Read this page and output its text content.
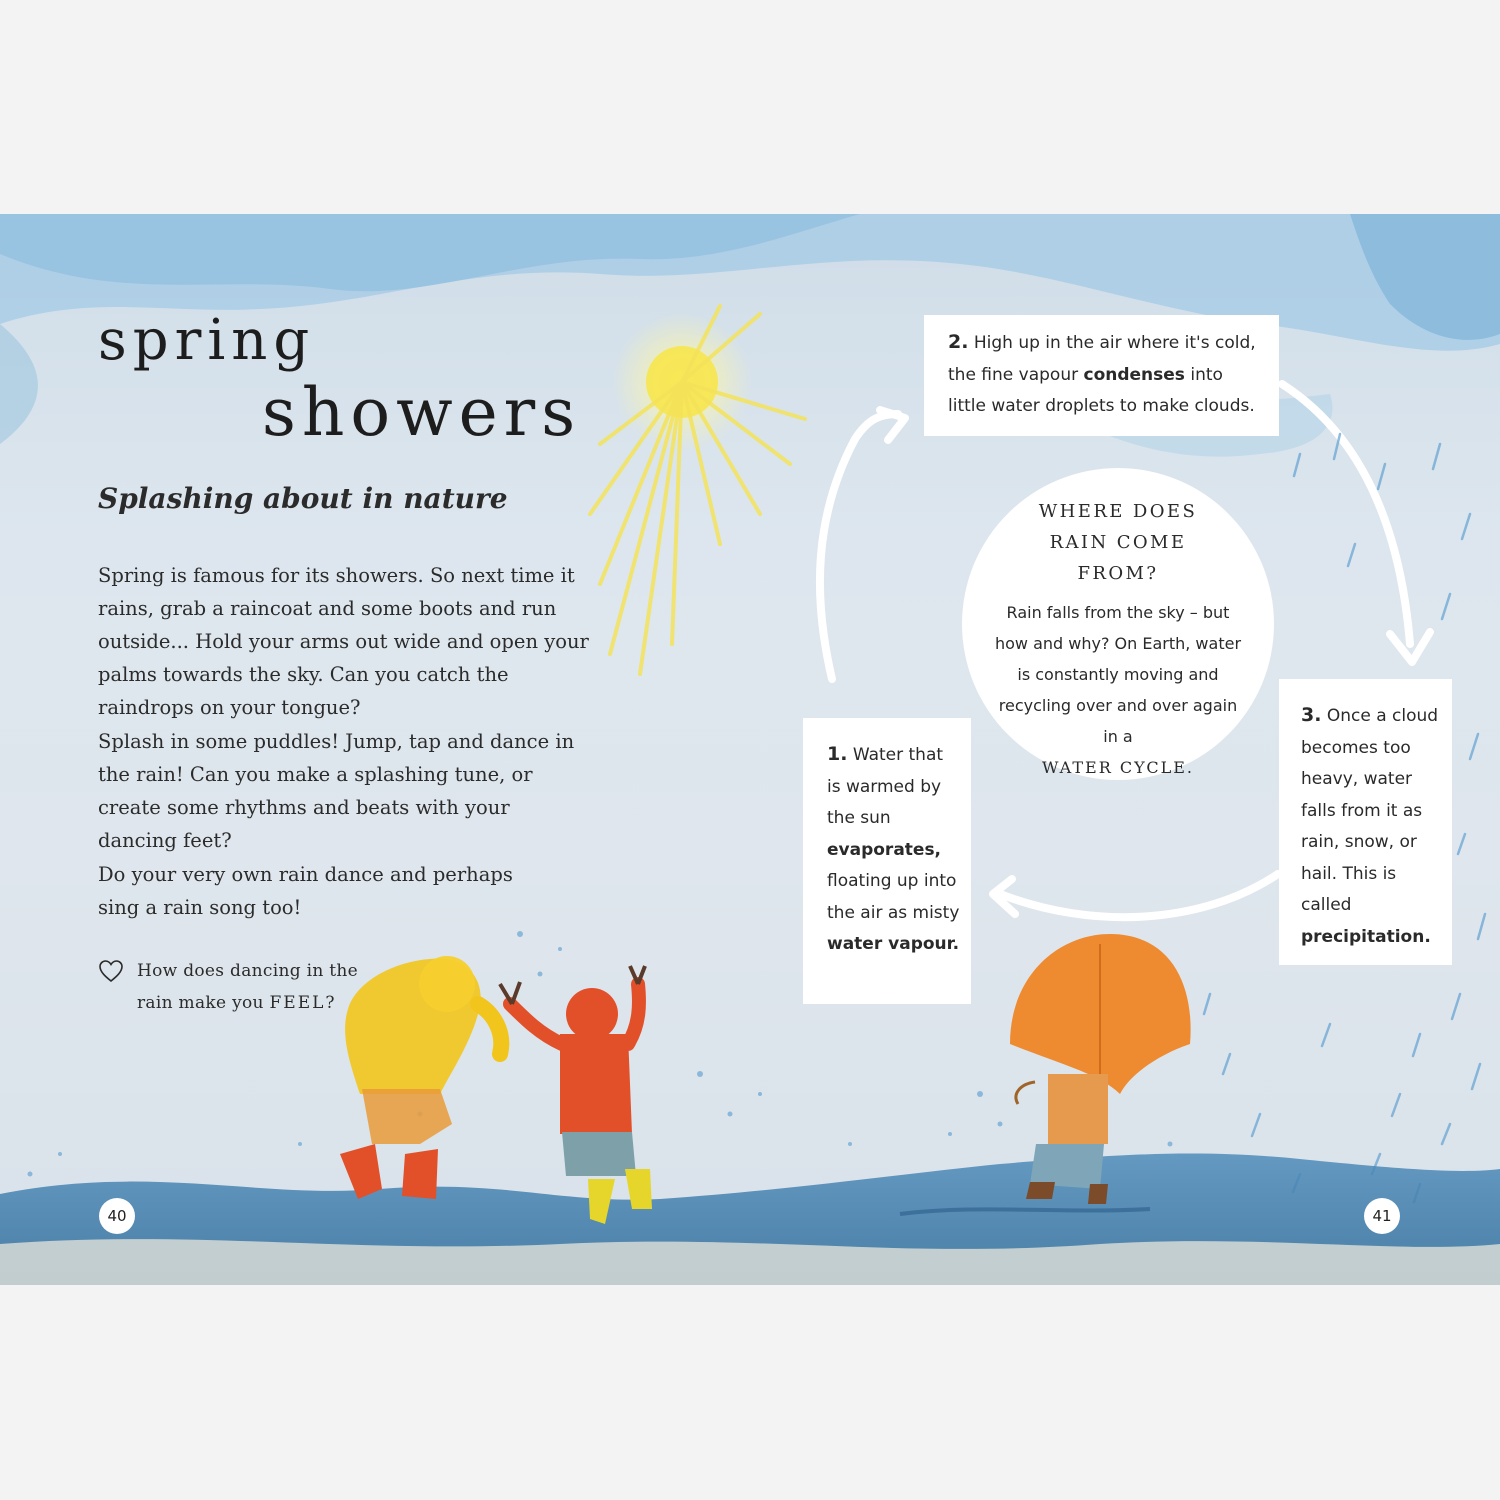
spring
showers
Splashing about in nature

Spring is famous for its showers. So next time it rains, grab a raincoat and some boots and run outside... Hold your arms out wide and open your palms towards the sky. Can you catch the raindrops on your tongue?

Splash in some puddles! Jump, tap and dance in the rain! Can you make a splashing tune, or create some rhythms and beats with your dancing feet?

Do your very own rain dance and perhaps sing a rain song too!

How does dancing in the rain make you FEEL?

2. High up in the air where it's cold, the fine vapour condenses into little water droplets to make clouds.

1. Water that is warmed by the sun evaporates, floating up into the air as misty water vapour.

3. Once a cloud becomes too heavy, water falls from it as rain, snow, or hail. This is called precipitation.

WHERE DOES RAIN COME FROM?

Rain falls from the sky – but how and why? On Earth, water is constantly moving and recycling over and over again in a

WATER CYCLE.

40	41
